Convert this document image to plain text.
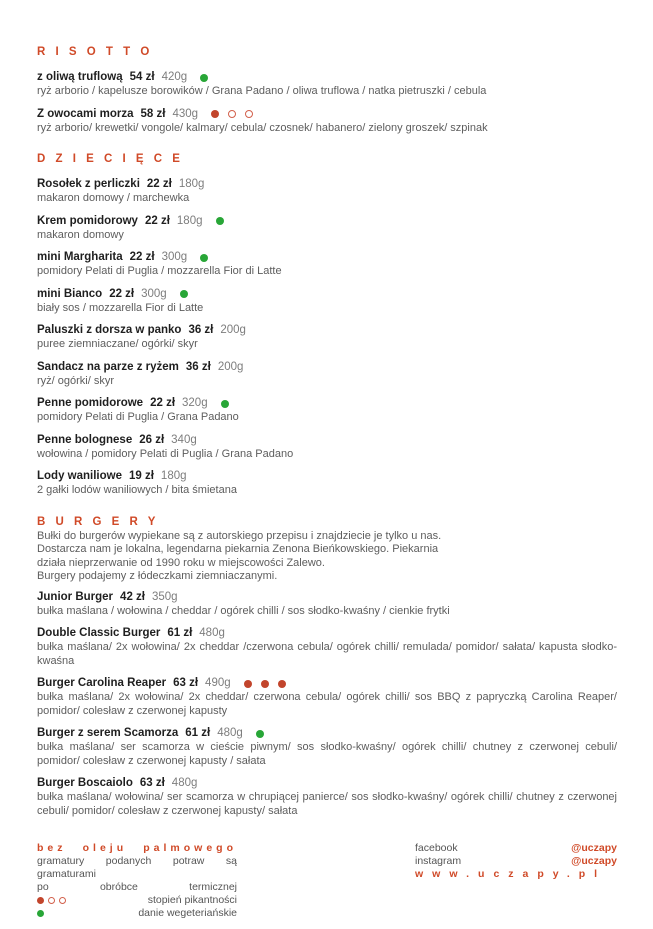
R I S O T T O
z oliwą truflową 54 zł 420g
ryż arborio / kapelusze borowików / Grana Padano / oliwa truflowa / natka pietruszki / cebula
Z owocami morza 58 zł 430g
ryż arborio/ krewetki/ vongole/ kalmary/ cebula/ czosnek/ habanero/ zielony groszek/ szpinak
D Z I E C I Ę C E
Rosołek z perliczki 22 zł 180g
makaron domowy / marchewka
Krem pomidorowy 22 zł 180g
makaron domowy
mini Margharita 22 zł 300g
pomidory Pelati di Puglia / mozzarella Fior di Latte
mini Bianco 22 zł 300g
biały sos / mozzarella Fior di Latte
Paluszki z dorsza w panko 36 zł 200g
puree ziemniaczane/ ogórki/ skyr
Sandacz na parze z ryżem 36 zł 200g
ryż/ ogórki/ skyr
Penne pomidorowe 22 zł 320g
pomidory Pelati di Puglia / Grana Padano
Penne bolognese 26 zł 340g
wołowina / pomidory Pelati di Puglia / Grana Padano
Lody waniliowe 19 zł 180g
2 gałki lodów waniliowych / bita śmietana
B U R G E R Y
Bułki do burgerów wypiekane są z autorskiego przepisu i znajdziecie je tylko u nas.
Dostarcza nam je lokalna, legendarna piekarnia Zenona Bieńkowskiego. Piekarnia
działa nieprzerwanie od 1990 roku w miejscowości Zalewo.
Burgery podajemy z łódeczkami ziemniaczanymi.
Junior Burger 42 zł 350g
bułka maślana / wołowina / cheddar / ogórek chilli / sos słodko-kwaśny / cienkie frytki
Double Classic Burger 61 zł 480g
bułka maślana/ 2x wołowina/ 2x cheddar /czerwona cebula/ ogórek chilli/ remulada/ pomidor/ sałata/ kapusta słodko-kwaśna
Burger Carolina Reaper 63 zł 490g
bułka maślana/ 2x wołowina/ 2x cheddar/ czerwona cebula/ ogórek chilli/ sos BBQ z papryczką Carolina Reaper/ pomidor/ colesław z czerwonej kapusty
Burger z serem Scamorza 61 zł 480g
bułka maślana/ ser scamorza w cieście piwnym/ sos słodko-kwaśny/ ogórek chilli/ chutney z czerwonej cebuli/ pomidor/ colesław z czerwonej kapusty / sałata
Burger Boscaiolo 63 zł 480g
bułka maślana/ wołowina/ ser scamorza w chrupiącej panierce/ sos słodko-kwaśny/ ogórek chilli/ chutney z czerwonej cebuli/ pomidor/ colesław z czerwonej kapusty/ sałata
bez oleju palmowego
gramatury podanych potraw są gramaturami
po obróbce termicznej
stopień pikantności
danie wegeteriańskie
facebook	@uczapy
instagram	@uczapy
www.uczapy.pl
